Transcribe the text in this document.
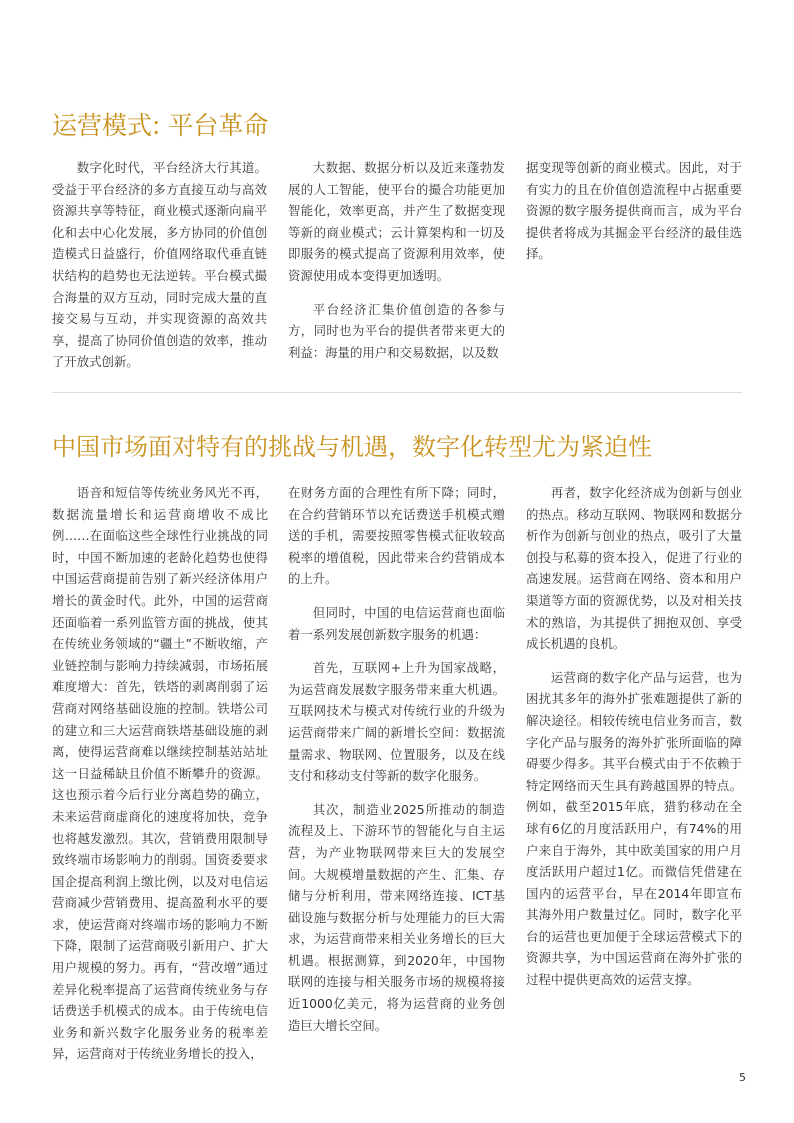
运营模式: 平台革命

数字化时代，平台经济大行其道。受益于平台经济的多方直接互动与高效资源共享等特征，商业模式逐渐向扁平化和去中心化发展，多方协同的价值创造模式日益盛行，价值网络取代垂直链状结构的趋势也无法逆转。平台模式撮合海量的双方互动，同时完成大量的直接交易与互动，并实现资源的高效共享，提高了协同价值创造的效率，推动了开放式创新。

大数据、数据分析以及近来蓬勃发展的人工智能，使平台的撮合功能更加智能化，效率更高，并产生了数据变现等新的商业模式；云计算架构和一切及即服务的模式提高了资源利用效率，使资源使用成本变得更加透明。

平台经济汇集价值创造的各参与方，同时也为平台的提供者带来更大的利益：海量的用户和交易数据，以及数

据变现等创新的商业模式。因此，对于有实力的且在价值创造流程中占据重要资源的数字服务提供商而言，成为平台提供者将成为其掘金平台经济的最佳选择。

中国市场面对特有的挑战与机遇，数字化转型尤为紧迫性

语音和短信等传统业务风光不再，数据流量增长和运营商增收不成比例……在面临这些全球性行业挑战的同时，中国不断加速的老龄化趋势也使得中国运营商提前告别了新兴经济体用户增长的黄金时代。此外，中国的运营商还面临着一系列监管方面的挑战，使其在传统业务领域的“疆土”不断收缩，产业链控制与影响力持续减弱，市场拓展难度增大：首先，铁塔的剥离削弱了运营商对网络基础设施的控制。铁塔公司的建立和三大运营商铁塔基础设施的剥离，使得运营商难以继续控制基站站址这一日益稀缺且价值不断攀升的资源。这也预示着今后行业分离趋势的确立，未来运营商虚商化的速度将加快，竞争也将越发激烈。其次，营销费用限制导致终端市场影响力的削弱。国资委要求国企提高利润上缴比例，以及对电信运营商减少营销费用、提高盈利水平的要求，使运营商对终端市场的影响力不断下降，限制了运营商吸引新用户、扩大用户规模的努力。再有，“营改增”通过差异化税率提高了运营商传统业务与存话费送手机模式的成本。由于传统电信业务和新兴数字化服务业务的税率差异，运营商对于传统业务增长的投入，

在财务方面的合理性有所下降；同时，在合约营销环节以充话费送手机模式赠送的手机，需要按照零售模式征收较高税率的增值税，因此带来合约营销成本的上升。

但同时，中国的电信运营商也面临着一系列发展创新数字服务的机遇：

首先，互联网+上升为国家战略，为运营商发展数字服务带来重大机遇。互联网技术与模式对传统行业的升级为运营商带来广阔的新增长空间：数据流量需求、物联网、位置服务，以及在线支付和移动支付等新的数字化服务。

其次，制造业2025所推动的制造流程及上、下游环节的智能化与自主运营，为产业物联网带来巨大的发展空间。大规模增量数据的产生、汇集、存储与分析利用，带来网络连接、ICT基础设施与数据分析与处理能力的巨大需求，为运营商带来相关业务增长的巨大机遇。根据测算，到2020年，中国物联网的连接与相关服务市场的规模将接近1000亿美元，将为运营商的业务创造巨大增长空间。

再者，数字化经济成为创新与创业的热点。移动互联网、物联网和数据分析作为创新与创业的热点，吸引了大量创投与私募的资本投入，促进了行业的高速发展。运营商在网络、资本和用户渠道等方面的资源优势，以及对相关技术的熟谙，为其提供了拥抱双创、享受成长机遇的良机。

运营商的数字化产品与运营，也为困扰其多年的海外扩张难题提供了新的解决途径。相较传统电信业务而言，数字化产品与服务的海外扩张所面临的障碍要少得多。其平台模式由于不依赖于特定网络而天生具有跨越国界的特点。例如，截至2015年底，猎豹移动在全球有6亿的月度活跃用户，有74%的用户来自于海外，其中欧美国家的用户月度活跃用户超过1亿。而微信凭借建在国内的运营平台，早在2014年即宣布其海外用户数量过亿。同时，数字化平台的运营也更加便于全球运营模式下的资源共享，为中国运营商在海外扩张的过程中提供更高效的运营支撑。

5
